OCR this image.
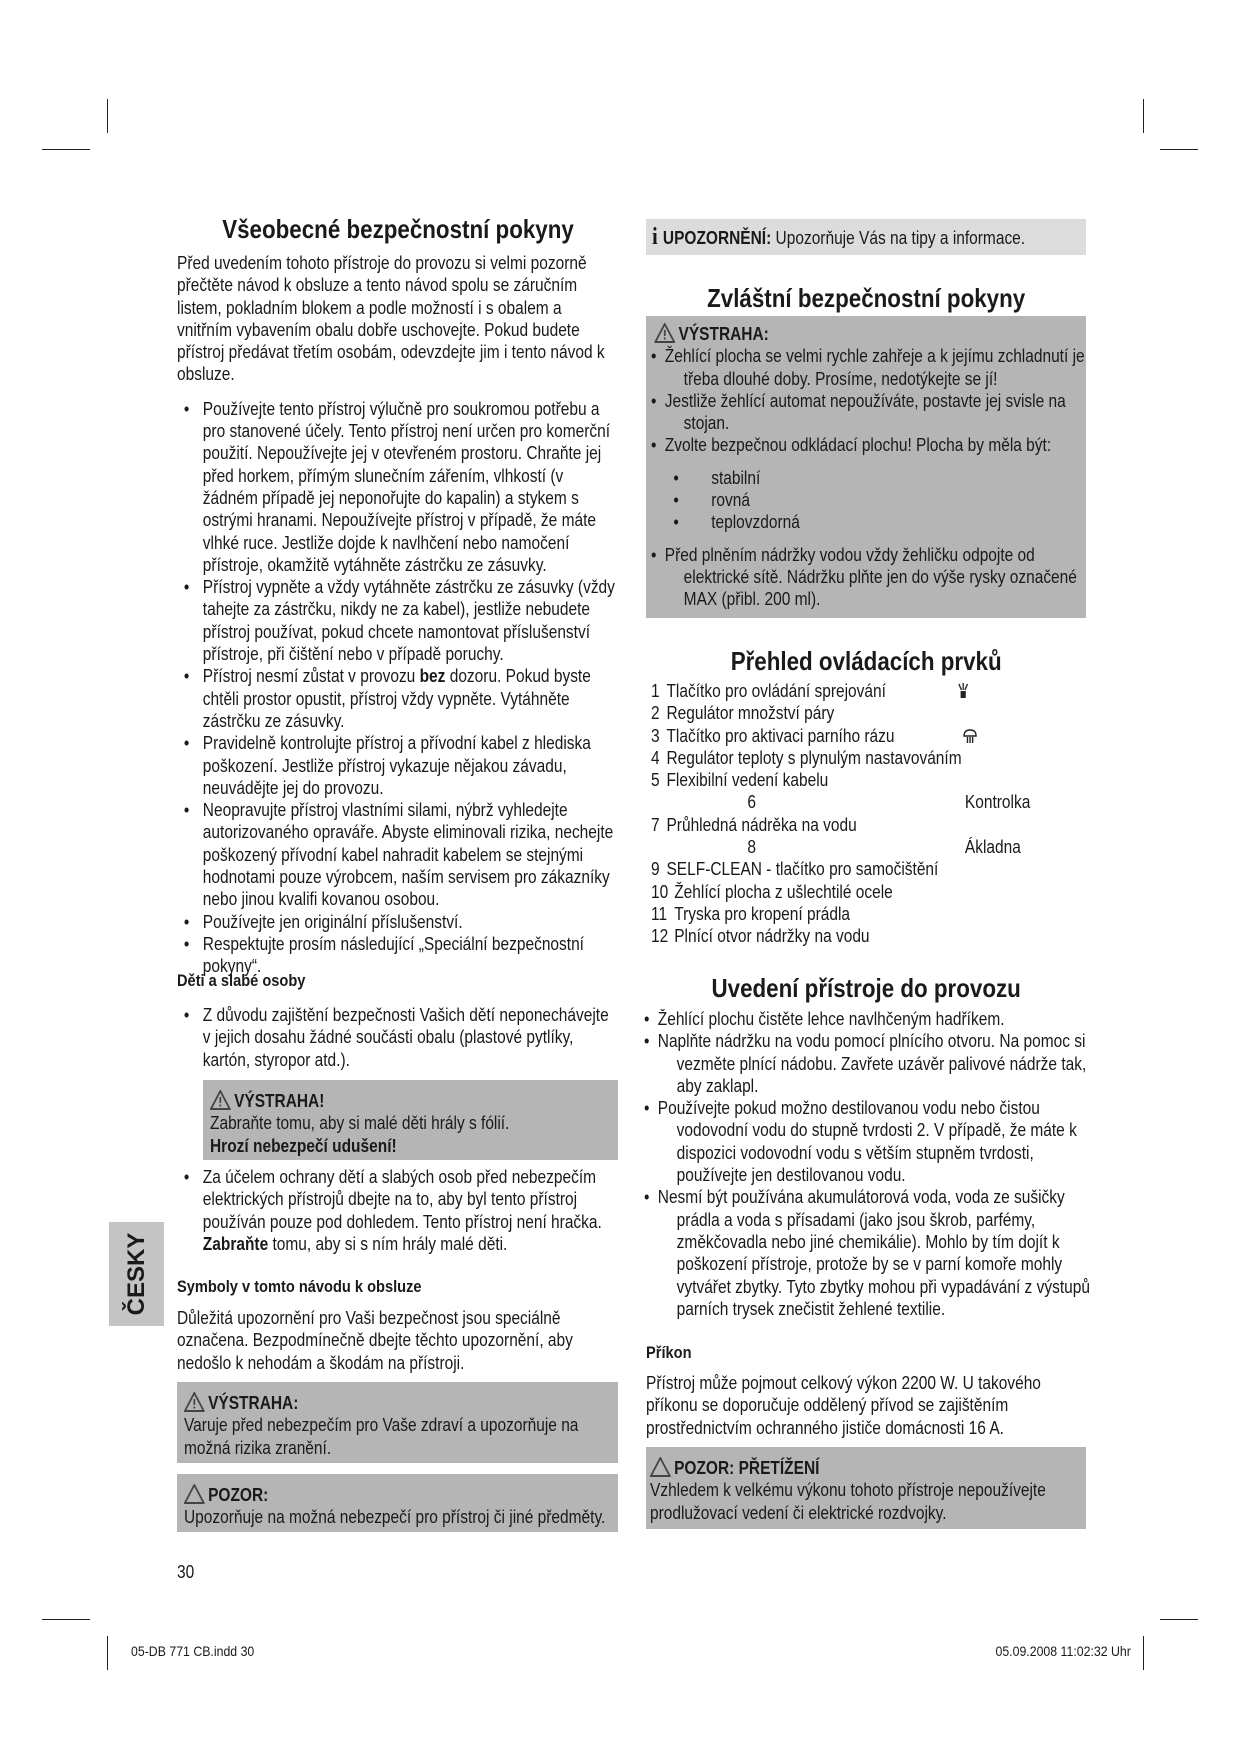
Všeobecné bezpečnostní pokyny

Před uvedením tohoto přístroje do provozu si velmi pozorně přečtěte návod k obsluze a tento návod spolu se záručním listem, pokladním blokem a podle možností i s obalem a vnitřním vybavením obalu dobře uschovejte. Pokud budete přístroj předávat třetím osobám, odevzdejte jim i tento návod k obsluze.

• Používejte tento přístroj výlučně pro soukromou potřebu a pro stanovené účely. Tento přístroj není určen pro komerční použití. Nepoužívejte jej v otevřeném prostoru. Chraňte jej před horkem, přímým slunečním zářením, vlhkostí (v žádném případě jej neponořujte do kapalin) a stykem s ostrými hranami. Nepoužívejte přístroj v případě, že máte vlhké ruce. Jestliže dojde k navlhčení nebo namočení přístroje, okamžitě vytáhněte zástrčku ze zásuvky.
• Přístroj vypněte a vždy vytáhněte zástrčku ze zásuvky (vždy tahejte za zástrčku, nikdy ne za kabel), jestliže nebudete přístroj používat, pokud chcete namontovat příslušenství přístroje, při čištění nebo v případě poruchy.
• Přístroj nesmí zůstat v provozu bez dozoru. Pokud byste chtěli prostor opustit, přístroj vždy vypněte. Vytáhněte zástrčku ze zásuvky.
• Pravidelně kontrolujte přístroj a přívodní kabel z hlediska poškození. Jestliže přístroj vykazuje nějakou závadu, neuvádějte jej do provozu.
• Neopravujte přístroj vlastními silami, nýbrž vyhledejte autorizovaného opraváře. Abyste eliminovali rizika, nechejte poškozený přívodní kabel nahradit kabelem se stejnými hodnotami pouze výrobcem, naším servisem pro zákazníky nebo jinou kvalifi kovanou osobou.
• Používejte jen originální příslušenství.
• Respektujte prosím následující „Speciální bezpečnostní pokyny“.
Děti a slabé osoby
• Z důvodu zajištění bezpečnosti Vašich dětí neponechávejte v jejich dosahu žádné součásti obalu (plastové pytlíky, kartón, styropor atd.).
VÝSTRAHA!

Zabraňte tomu, aby si malé děti hrály s fólií.

Hrozí nebezpečí udušení!

• Za účelem ochrany dětí a slabých osob před nebezpečím elektrických přístrojů dbejte na to, aby byl tento přístroj používán pouze pod dohledem. Tento přístroj není hračka. Zabraňte tomu, aby si s ním hrály malé děti.
Symboly v tomto návodu k obsluze
Důležitá upozornění pro Vaši bezpečnost jsou speciálně označena. Bezpodmínečně dbejte těchto upozornění, aby nedošlo k nehodám a škodám na přístroji.
VÝSTRAHA:

Varuje před nebezpečím pro Vaše zdraví a upozorňuje na možná rizika zranění.

POZOR:

Upozorňuje na možná nebezpečí pro přístroj či jiné předměty.

30
ČESKY
i UPOZORNĚNÍ: Upozorňuje Vás na tipy a informace.
Zvláštní bezpečnostní pokyny
VÝSTRAHA:
• Žehlící plocha se velmi rychle zahřeje a k jejímu zchladnutí je třeba dlouhé doby. Prosíme, nedotýkejte se jí!
• Jestliže žehlící automat nepoužíváte, postavte jej svisle na stojan.
• Zvolte bezpečnou odkládací plochu! Plocha by měla být:
• stabilní
• rovná
• teplovzdorná
• Před plněním nádržky vodou vždy žehličku odpojte od elektrické sítě. Nádržku plňte jen do výše rysky označené MAX (přibl. 200 ml).
Přehled ovládacích prvků
1 Tlačítko pro ovládání sprejování
2 Regulátor množství páry
3 Tlačítko pro aktivaci parního rázu
4 Regulátor teploty s plynulým nastavováním
5 Flexibilní vedení kabelu
6	Kontrolka
7 Průhledná nádrěka na vodu
8	Ákladna
9 SELF-CLEAN - tlačítko pro samočištění
10 Žehlící plocha z ušlechtilé ocele
11 Tryska pro kropení prádla
12 Plnící otvor nádržky na vodu
Uvedení přístroje do provozu
• Žehlící plochu čistěte lehce navlhčeným hadříkem.
• Naplňte nádržku na vodu pomocí plnícího otvoru. Na pomoc si vezměte plnící nádobu. Zavřete uzávěr palivové nádrže tak, aby zaklapl.
• Používejte pokud možno destilovanou vodu nebo čistou vodovodní vodu do stupně tvrdosti 2. V případě, že máte k dispozici vodovodní vodu s větším stupněm tvrdosti, používejte jen destilovanou vodu.
• Nesmí být používána akumulátorová voda, voda ze sušičky prádla a voda s přísadami (jako jsou škrob, parfémy, změkčovadla nebo jiné chemikálie). Mohlo by tím dojít k poškození přístroje, protože by se v parní komoře mohly vytvářet zbytky. Tyto zbytky mohou při vypadávání z výstupů parních trysek znečistit žehlené textilie.
Příkon
Přístroj může pojmout celkový výkon 2200 W. U takového příkonu se doporučuje oddělený přívod se zajištěním prostřednictvím ochranného jističe domácnosti 16 A.
POZOR: PŘETÍŽENÍ

Vzhledem k velkému výkonu tohoto přístroje nepoužívejte prodlužovací vedení či elektrické rozdvojky.

05-DB 771 CB.indd 30	05.09.2008 11:02:32 Uhr
